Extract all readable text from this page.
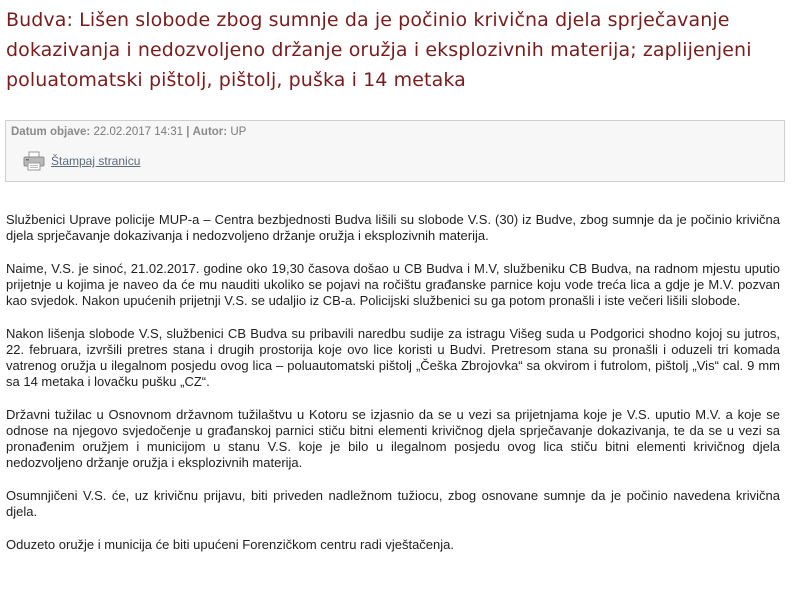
Budva: Lišen slobode zbog sumnje da je počinio krivična djela sprječavanje dokazivanja i nedozvoljeno držanje oružja i eksplozivnih materija; zaplijenjeni poluatomatski pištolj, pištolj, puška i 14 metaka
Datum objave: 22.02.2017 14:31 | Autor: UP
Štampaj stranicu

Službenici Uprave policije MUP-a – Centra bezbjednosti Budva lišili su slobode V.S. (30) iz Budve, zbog sumnje da je počinio krivična djela sprječavanje dokazivanja i nedozvoljeno držanje oružja i eksplozivnih materija.

Naime, V.S. je sinoć, 21.02.2017. godine oko 19,30 časova došao u CB Budva i M.V, službeniku CB Budva, na radnom mjestu uputio prijetnje u kojima je naveo da će mu nauditi ukoliko se pojavi na ročištu građanske parnice koju vode treća lica a gdje je M.V. pozvan kao svjedok. Nakon upućenih prijetnji V.S. se udaljio iz CB-a. Policijski službenici su ga potom pronašli i iste večeri lišili slobode.

Nakon lišenja slobode V.S, službenici CB Budva su pribavili naredbu sudije za istragu Višeg suda u Podgorici shodno kojoj su jutros, 22. februara, izvršili pretres stana i drugih prostorija koje ovo lice koristi u Budvi. Pretresom stana su pronašli i oduzeli tri komada vatrenog oružja u ilegalnom posjedu ovog lica – poluautomatski pištolj „Češka Zbrojovka“ sa okvirom i futrolom, pištolj „Vis“ cal. 9 mm sa 14 metaka i lovačku pušku „CZ“.

Državni tužilac u Osnovnom državnom tužilaštvu u Kotoru se izjasnio da se u vezi sa prijetnjama koje je V.S. uputio M.V. a koje se odnose na njegovo svjedočenje u građanskoj parnici stiču bitni elementi krivičnog djela sprječavanje dokazivanja, te da se u vezi sa pronađenim oružjem i municijom u stanu V.S. koje je bilo u ilegalnom posjedu ovog lica stiču bitni elementi krivičnog djela nedozvoljeno držanje oružja i eksplozivnih materija.

Osumnjičeni V.S. će, uz krivičnu prijavu, biti priveden nadležnom tužiocu, zbog osnovane sumnje da je počinio navedena krivična djela.

Oduzeto oružje i municija će biti upućeni Forenzičkom centru radi vještačenja.
